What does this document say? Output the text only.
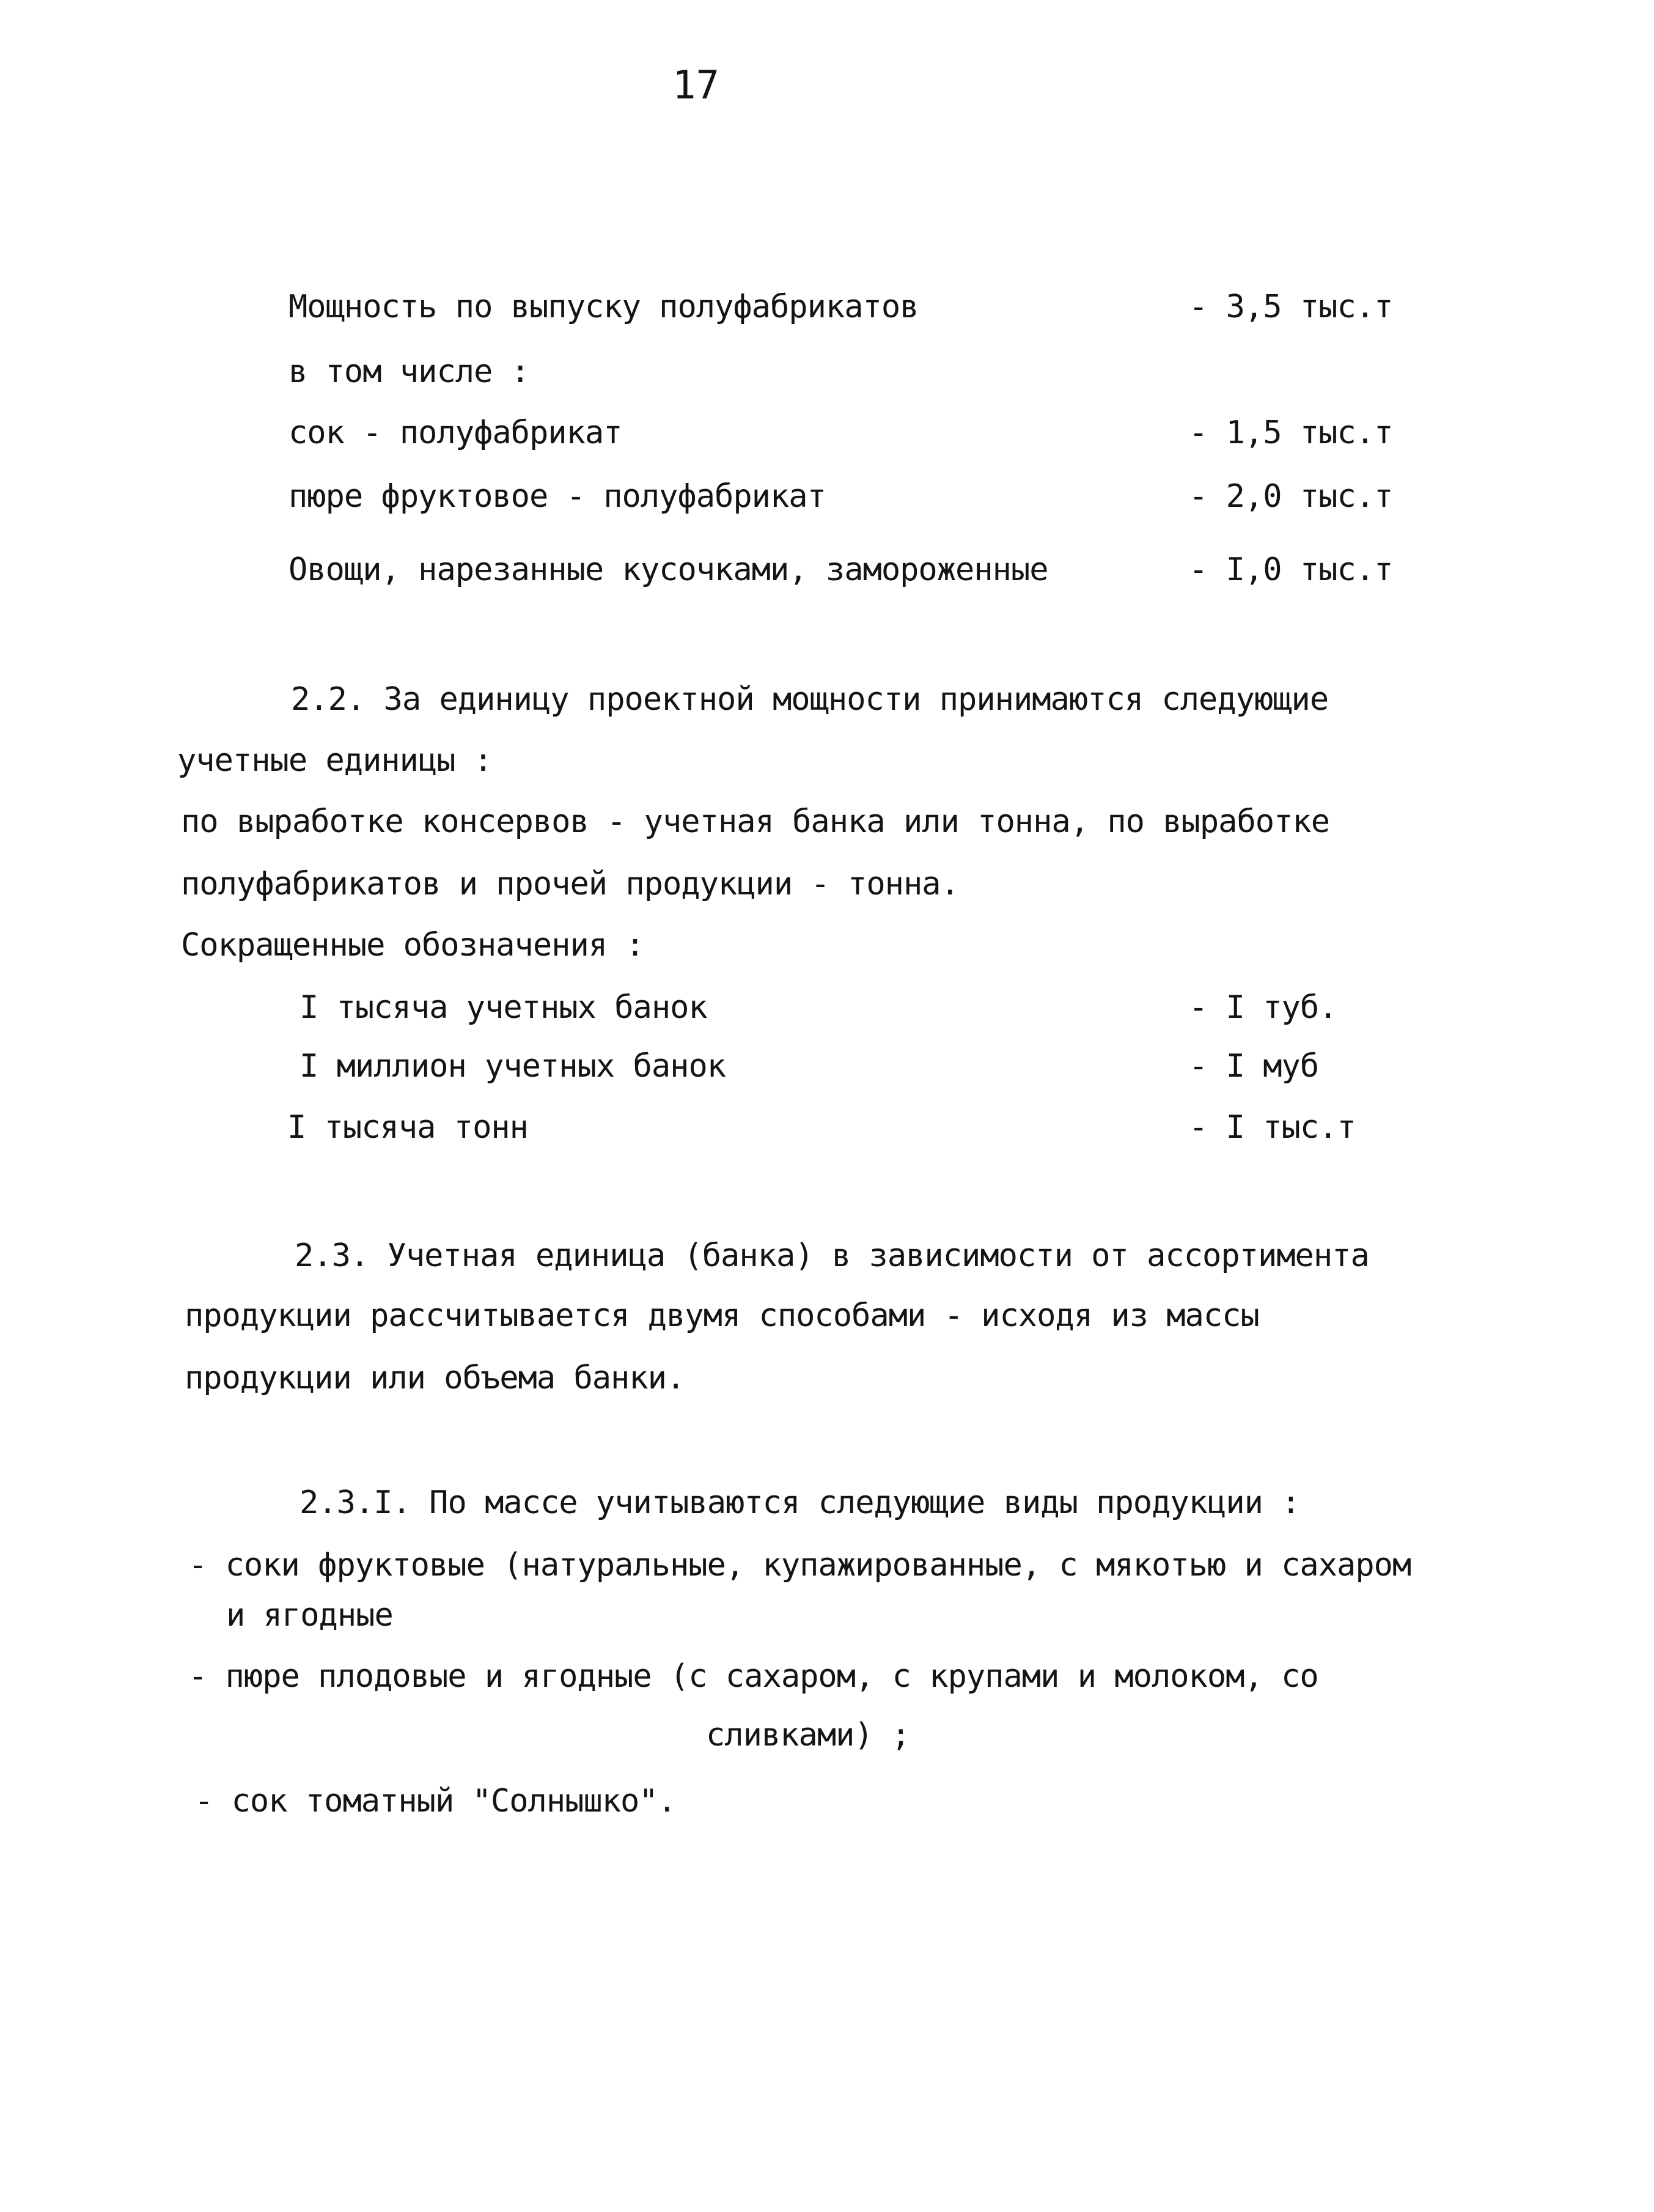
17
Мощность по выпуску полуфабрикатов	- 3,5 тыс.т
в том числе :
сок - полуфабрикат	- 1,5 тыс.т
пюре фруктовое - полуфабрикат	- 2,0 тыс.т
Овощи, нарезанные кусочками, замороженные	- I,0 тыс.т
2.2. За единицу проектной мощности принимаются следующие
учетные единицы :
по выработке консервов - учетная банка или тонна, по выработке
полуфабрикатов и прочей продукции - тонна.
Сокращенные обозначения :
I тысяча учетных банок	- I туб.
I миллион учетных банок	- I муб
I тысяча тонн	- I тыс.т
2.3. Учетная единица (банка) в зависимости от ассортимента
продукции рассчитывается двумя способами - исходя из массы
продукции или объема банки.
2.3.I. По массе учитываются следующие виды продукции :
- соки фруктовые (натуральные, купажированные, с мякотью и сахаром
и ягодные
- пюре плодовые и ягодные (с сахаром, с крупами и молоком, со
сливками) ;
- сок томатный "Солнышко".
